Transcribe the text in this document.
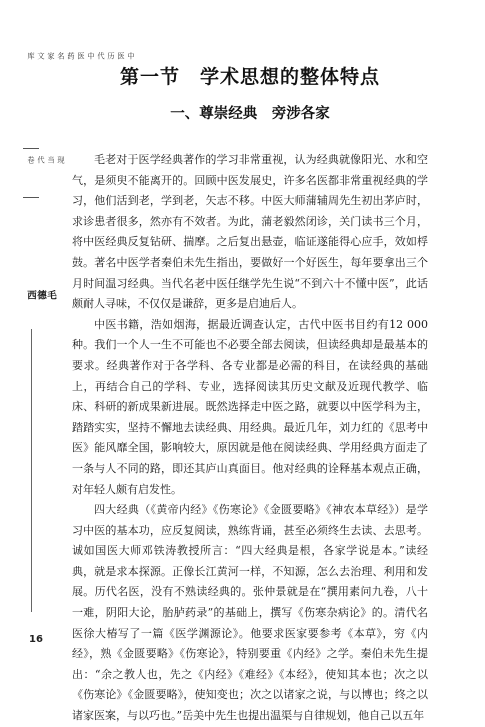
中医历代中医药名家文库
现当代卷
毛德西
第一节　学术思想的整体特点
一、尊崇经典　旁涉各家

毛老对于医学经典著作的学习非常重视，认为经典就像阳光、水和空气，是须臾不能离开的。回顾中医发展史，许多名医都非常重视经典的学习，他们活到老，学到老，矢志不移。中医大师蒲辅周先生初出茅庐时，求诊患者很多，然亦有不效者。为此，蒲老毅然闭诊，关门读书三个月，将中医经典反复钻研、揣摩。之后复出悬壶，临证遂能得心应手，效如桴鼓。著名中医学者秦伯未先生指出，要做好一个好医生，每年要拿出三个月时间温习经典。当代名老中医任继学先生说“不到六十不懂中医”，此话颇耐人寻味，不仅仅是谦辞，更多是启迪后人。

中医书籍，浩如烟海，据最近调查认定，古代中医书目约有12 000种。我们一个人一生不可能也不必要全部去阅读，但读经典却是最基本的要求。经典著作对于各学科、各专业都是必需的科目，在读经典的基础上，再结合自己的学科、专业，选择阅读其历史文献及近现代教学、临床、科研的新成果新进展。既然选择走中医之路，就要以中医学科为主，踏踏实实，坚持不懈地去读经典、用经典。最近几年，刘力红的《思考中医》能风靡全国，影响较大，原因就是他在阅读经典、学用经典方面走了一条与人不同的路，即还其庐山真面目。他对经典的诠释基本观点正确，对年轻人颇有启发性。

四大经典（《黄帝内经》《伤寒论》《金匮要略》《神农本草经》）是学习中医的基本功，应反复阅读，熟练背诵，甚至必须终生去读、去思考。诚如国医大师邓铁涛教授所言：“四大经典是根，各家学说是本。”读经典，就是求本探源。正像长江黄河一样，不知源，怎么去治理、利用和发展。历代名医，没有不熟读经典的。张仲景就是在“撰用素问九卷，八十一难，阴阳大论，胎胪药录”的基础上，撰写《伤寒杂病论》的。清代名医徐大椿写了一篇《医学渊源论》。他要求医家要参考《本草》，穷《内经》，熟《金匮要略》《伤寒论》，特别要重《内经》之学。秦伯未先生提出：“余之教人也，先之《内经》《难经》《本经》，使知其本也；次之以《伤寒论》《金匮要略》，使知变也；次之以诸家之说，与以博也；终之以诸家医案，与以巧也。”岳美中先生也提出温渠与自律规划，他自己以五年

16
